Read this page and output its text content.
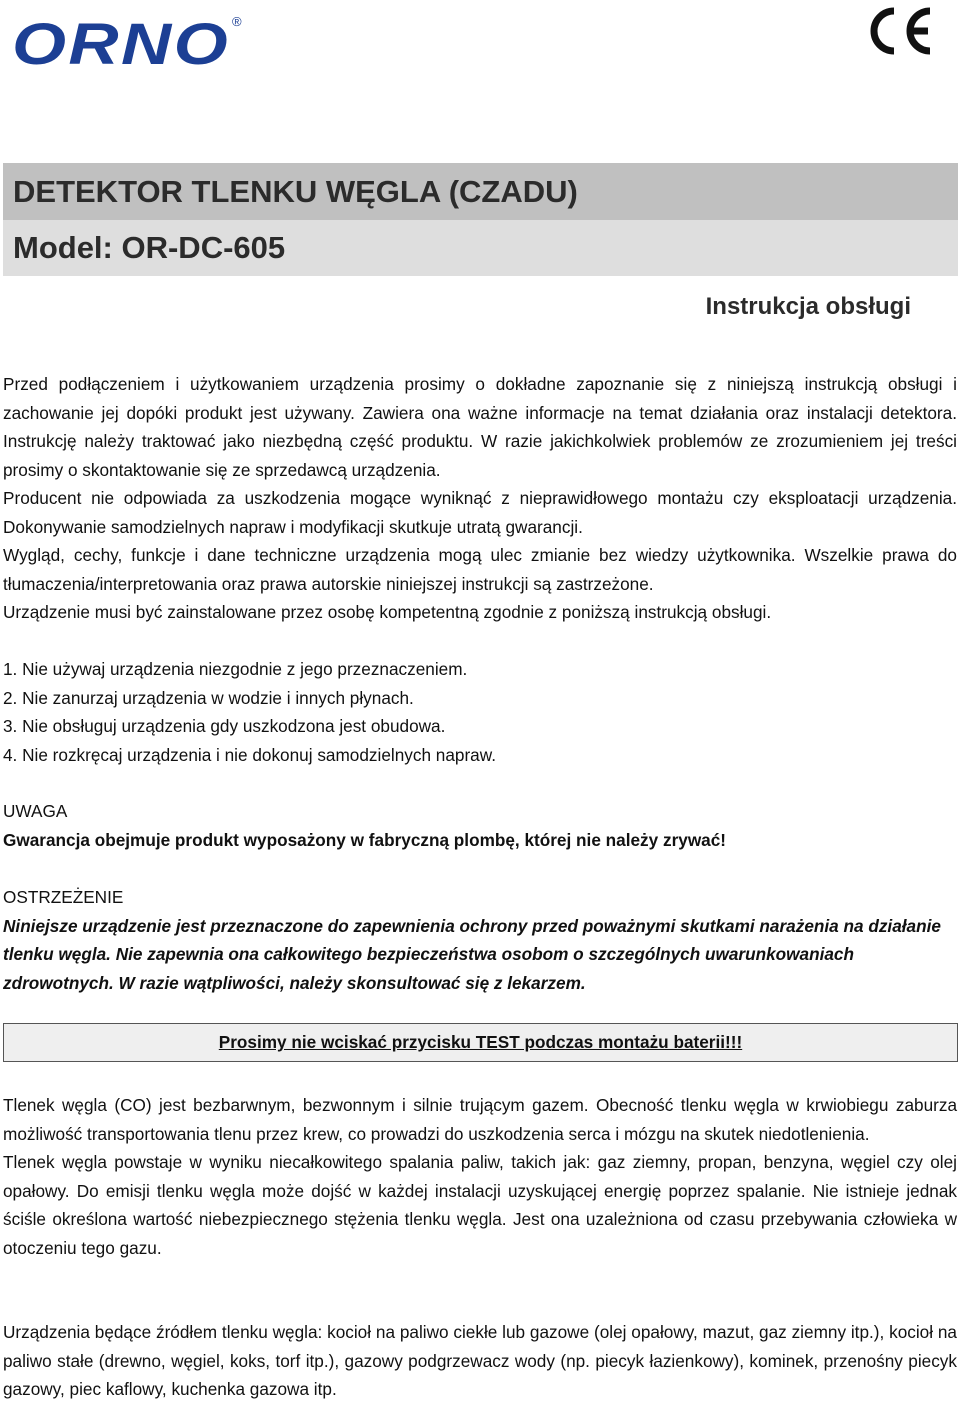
ORNO ®
DETEKTOR TLENKU WĘGLA (CZADU)
Model: OR-DC-605
Instrukcja obsługi

Przed podłączeniem i użytkowaniem urządzenia prosimy o dokładne zapoznanie się z niniejszą instrukcją obsługi i zachowanie jej dopóki produkt jest używany. Zawiera ona ważne informacje na temat działania oraz instalacji detektora. Instrukcję należy traktować jako niezbędną część produktu. W razie jakichkolwiek problemów ze zrozumieniem jej treści prosimy o skontaktowanie się ze sprzedawcą urządzenia.

Producent nie odpowiada za uszkodzenia mogące wyniknąć z nieprawidłowego montażu czy eksploatacji urządzenia. Dokonywanie samodzielnych napraw i modyfikacji skutkuje utratą gwarancji.

Wygląd, cechy, funkcje i dane techniczne urządzenia mogą ulec zmianie bez wiedzy użytkownika. Wszelkie prawa do tłumaczenia/interpretowania oraz prawa autorskie niniejszej instrukcji są zastrzeżone.

Urządzenie musi być zainstalowane przez osobę kompetentną zgodnie z poniższą instrukcją obsługi.

1. Nie używaj urządzenia niezgodnie z jego przeznaczeniem.

2. Nie zanurzaj urządzenia w wodzie i innych płynach.

3. Nie obsługuj urządzenia gdy uszkodzona jest obudowa.

4. Nie rozkręcaj urządzenia i nie dokonuj samodzielnych napraw.

UWAGA

Gwarancja obejmuje produkt wyposażony w fabryczną plombę, której nie należy zrywać!

OSTRZEŻENIE

Niniejsze urządzenie jest przeznaczone do zapewnienia ochrony przed poważnymi skutkami narażenia na działanie tlenku węgla. Nie zapewnia ona całkowitego bezpieczeństwa osobom o szczególnych uwarunkowaniach zdrowotnych. W razie wątpliwości, należy skonsultować się z lekarzem.

Prosimy nie wciskać przycisku TEST podczas montażu baterii!!!

Tlenek węgla (CO) jest bezbarwnym, bezwonnym i silnie trującym gazem. Obecność tlenku węgla w krwiobiegu zaburza możliwość transportowania tlenu przez krew, co prowadzi do uszkodzenia serca i mózgu na skutek niedotlenienia.

Tlenek węgla powstaje w wyniku niecałkowitego spalania paliw, takich jak: gaz ziemny, propan, benzyna, węgiel czy olej opałowy. Do emisji tlenku węgla może dojść w każdej instalacji uzyskującej energię poprzez spalanie. Nie istnieje jednak ściśle określona wartość niebezpiecznego stężenia tlenku węgla. Jest ona uzależniona od czasu przebywania człowieka w otoczeniu tego gazu.

Urządzenia będące źródłem tlenku węgla: kocioł na paliwo ciekłe lub gazowe (olej opałowy, mazut, gaz ziemny itp.), kocioł na paliwo stałe (drewno, węgiel, koks, torf itp.), gazowy podgrzewacz wody (np. piecyk łazienkowy), kominek, przenośny piecyk gazowy, piec kaflowy, kuchenka gazowa itp.
